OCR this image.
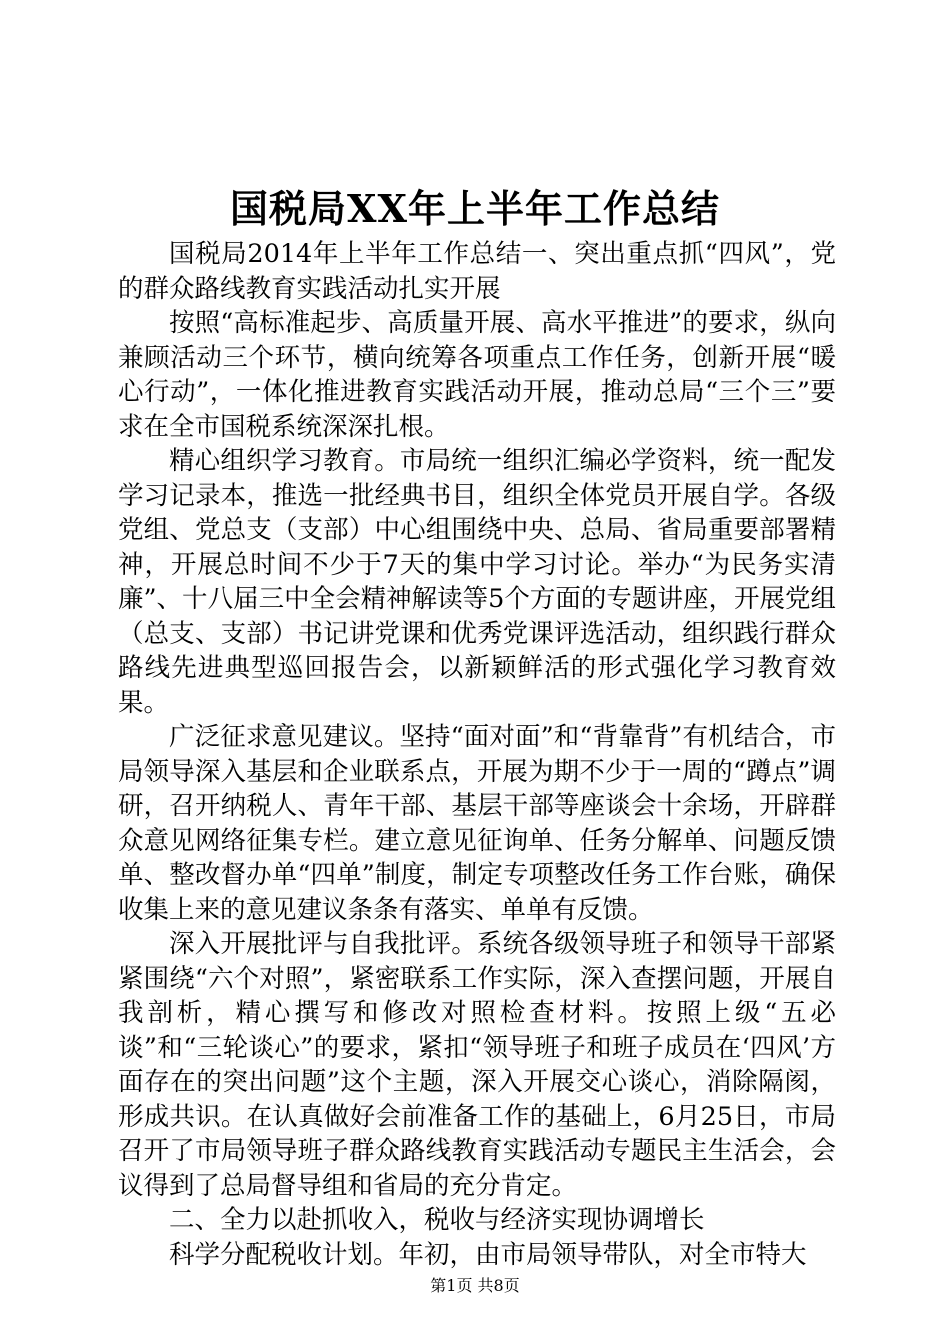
国税局XX年上半年工作总结

国税局2014年上半年工作总结一、突出重点抓“四风”，党的群众路线教育实践活动扎实开展

按照“高标准起步、高质量开展、高水平推进”的要求，纵向兼顾活动三个环节，横向统筹各项重点工作任务，创新开展“暖心行动”，一体化推进教育实践活动开展，推动总局“三个三”要求在全市国税系统深深扎根。

精心组织学习教育。市局统一组织汇编必学资料，统一配发学习记录本，推选一批经典书目，组织全体党员开展自学。各级党组、党总支（支部）中心组围绕中央、总局、省局重要部署精神，开展总时间不少于7天的集中学习讨论。举办“为民务实清廉”、十八届三中全会精神解读等5个方面的专题讲座，开展党组（总支、支部）书记讲党课和优秀党课评选活动，组织践行群众路线先进典型巡回报告会，以新颖鲜活的形式强化学习教育效果。

广泛征求意见建议。坚持“面对面”和“背靠背”有机结合，市局领导深入基层和企业联系点，开展为期不少于一周的“蹲点”调研，召开纳税人、青年干部、基层干部等座谈会十余场，开辟群众意见网络征集专栏。建立意见征询单、任务分解单、问题反馈单、整改督办单“四单”制度，制定专项整改任务工作台账，确保收集上来的意见建议条条有落实、单单有反馈。

深入开展批评与自我批评。系统各级领导班子和领导干部紧紧围绕“六个对照”，紧密联系工作实际，深入查摆问题，开展自我剖析，精心撰写和修改对照检查材料。按照上级“五必谈”和“三轮谈心”的要求，紧扣“领导班子和班子成员在‘四风’方面存在的突出问题”这个主题，深入开展交心谈心，消除隔阂，形成共识。在认真做好会前准备工作的基础上，6月25日，市局召开了市局领导班子群众路线教育实践活动专题民主生活会，会议得到了总局督导组和省局的充分肯定。

二、全力以赴抓收入，税收与经济实现协调增长

科学分配税收计划。年初，由市局领导带队，对全市特大

第1页 共8页
